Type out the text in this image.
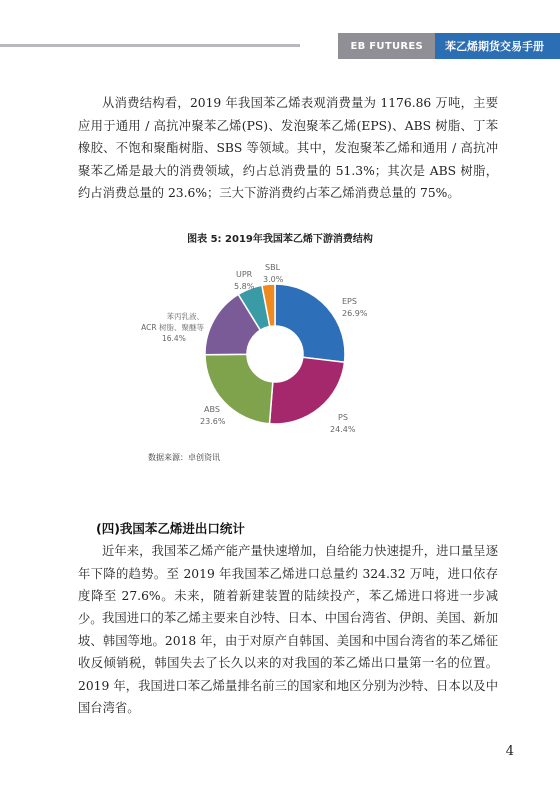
EB FUTURES	苯乙烯期货交易手册

从消费结构看，2019 年我国苯乙烯表观消费量为 1176.86 万吨，主要应用于通用 / 高抗冲聚苯乙烯(PS)、发泡聚苯乙烯(EPS)、ABS 树脂、丁苯橡胶、不饱和聚酯树脂、SBS 等领域。其中，发泡聚苯乙烯和通用 / 高抗冲聚苯乙烯是最大的消费领域，约占总消费量的 51.3%；其次是 ABS 树脂，约占消费总量的 23.6%；三大下游消费约占苯乙烯消费总量的 75%。

图表 5: 2019年我国苯乙烯下游消费结构
EPS
26.9%
PS
24.4%
ABS
23.6%
苯丙乳液、
ACR 树脂、聚醚等
16.4%
UPR
5.8%
SBL
3.0%
数据来源：卓创资讯
(四)我国苯乙烯进出口统计

近年来，我国苯乙烯产能产量快速增加，自给能力快速提升，进口量呈逐年下降的趋势。至 2019 年我国苯乙烯进口总量约 324.32 万吨，进口依存度降至 27.6%。未来，随着新建装置的陆续投产，苯乙烯进口将进一步减少。 我国进口的苯乙烯主要来自沙特、日本、中国台湾省、伊朗、美国、新加坡、韩国等地。2018 年，由于对原产自韩国、美国和中国台湾省的苯乙烯征收反倾销税，韩国失去了长久以来的对我国的苯乙烯出口量第一名的位置。2019 年，我国进口苯乙烯量排名前三的国家和地区分别为沙特、日本以及中国台湾省。

4
